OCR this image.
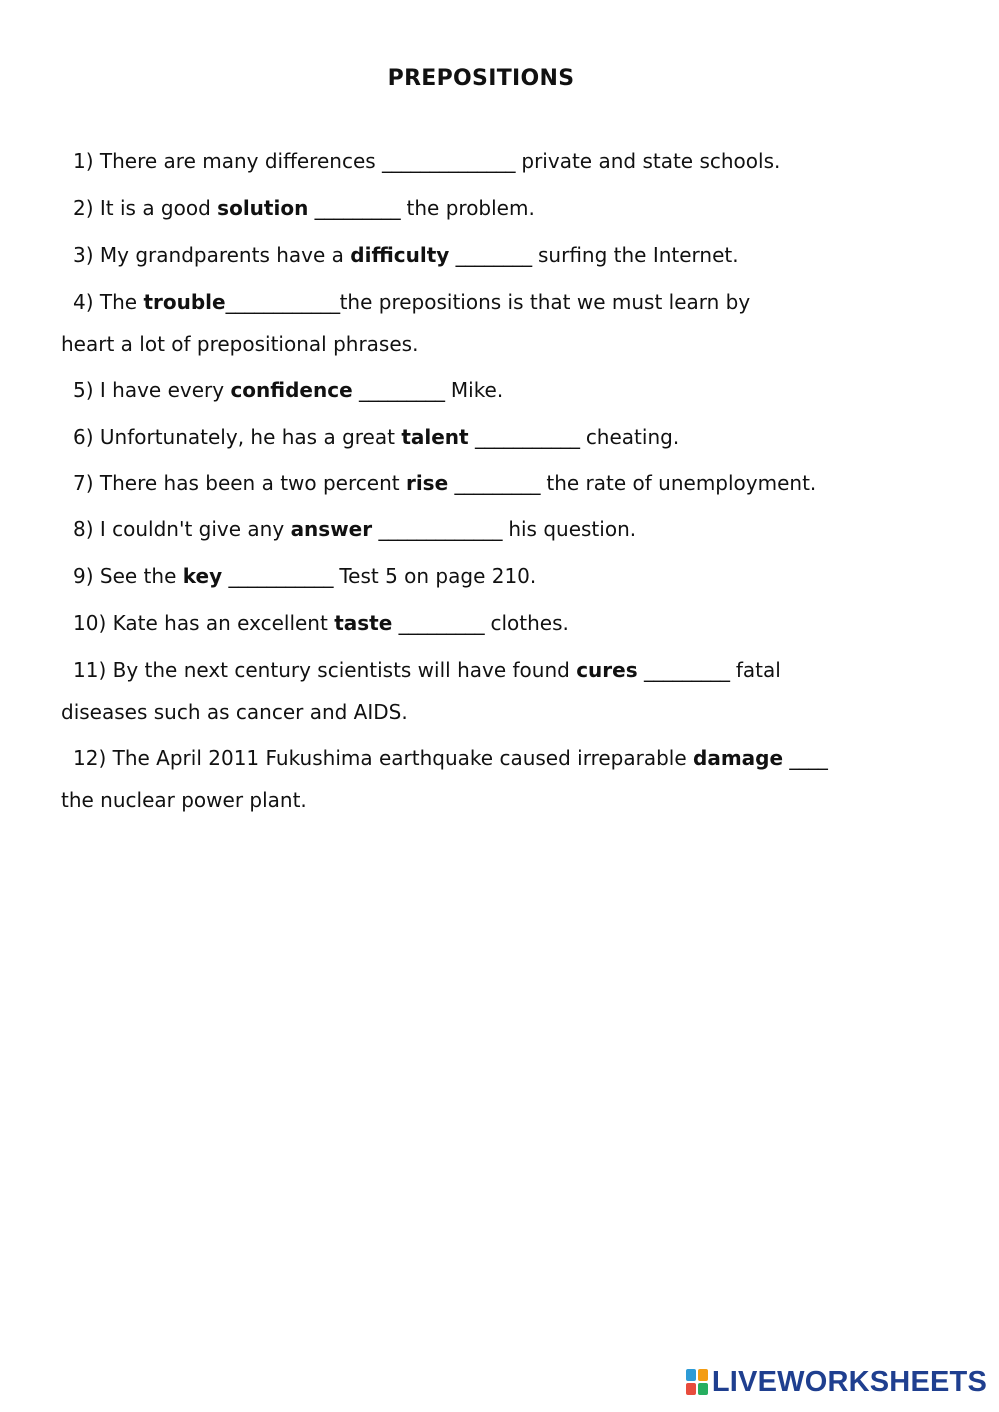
PREPOSITIONS
1) There are many differences ______________ private and state schools.
2) It is a good solution _________ the problem.
3) My grandparents have a difficulty ________ surfing the Internet.
4) The trouble____________the prepositions is that we must learn by
heart a lot of prepositional phrases.
5) I have every confidence _________ Mike.
6) Unfortunately, he has a great talent ___________ cheating.
7) There has been a two percent rise _________ the rate of unemployment.
8) I couldn't give any answer _____________ his question.
9) See the key ___________ Test 5 on page 210.
10) Kate has an excellent taste _________ clothes.
11) By the next century scientists will have found cures _________ fatal
diseases such as cancer and AIDS.
12) The April 2011 Fukushima earthquake caused irreparable damage ____
the nuclear power plant.
LIVEWORKSHEETS
